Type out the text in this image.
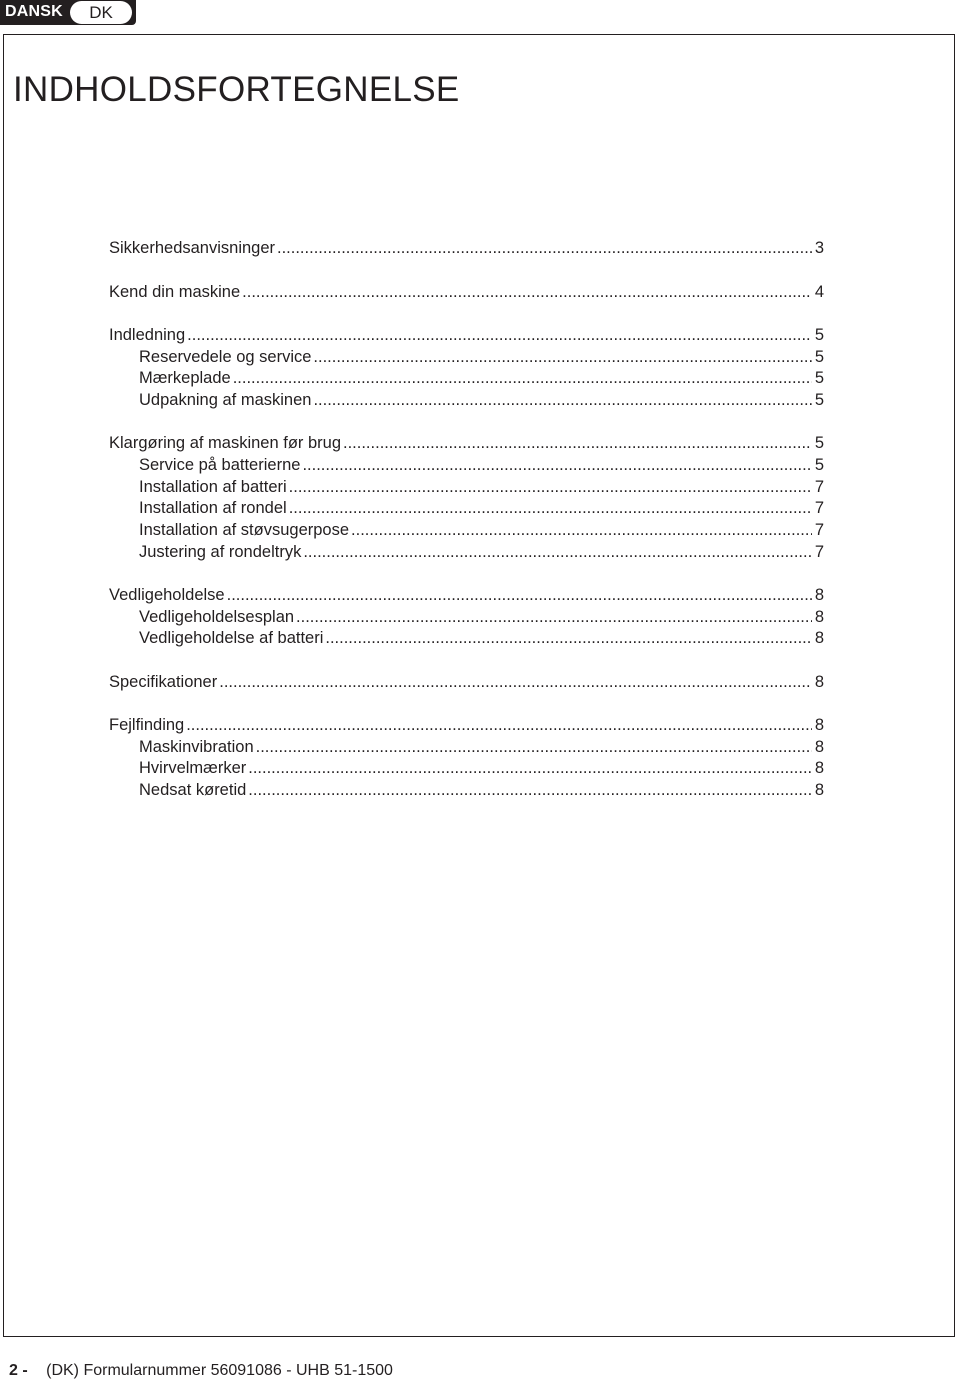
DANSK	DK
INDHOLDSFORTEGNELSE
Sikkerhedsanvisninger .....	3
Kend din maskine .....	4
Indledning .....	5
Reservedele og service .....	5
Mærkeplade .....	5
Udpakning af maskinen .....	5
Klargøring af maskinen før brug .....	5
Service på batterierne .....	5
Installation af batteri .....	7
Installation af rondel .....	7
Installation af støvsugerpose .....	7
Justering af rondeltryk .....	7
Vedligeholdelse .....	8
Vedligeholdelsesplan .....	8
Vedligeholdelse af batteri .....	8
Specifikationer .....	8
Fejlfinding .....	8
Maskinvibration .....	8
Hvirvelmærker .....	8
Nedsat køretid .....	8
2 - (DK) Formularnummer 56091086 - UHB 51-1500
